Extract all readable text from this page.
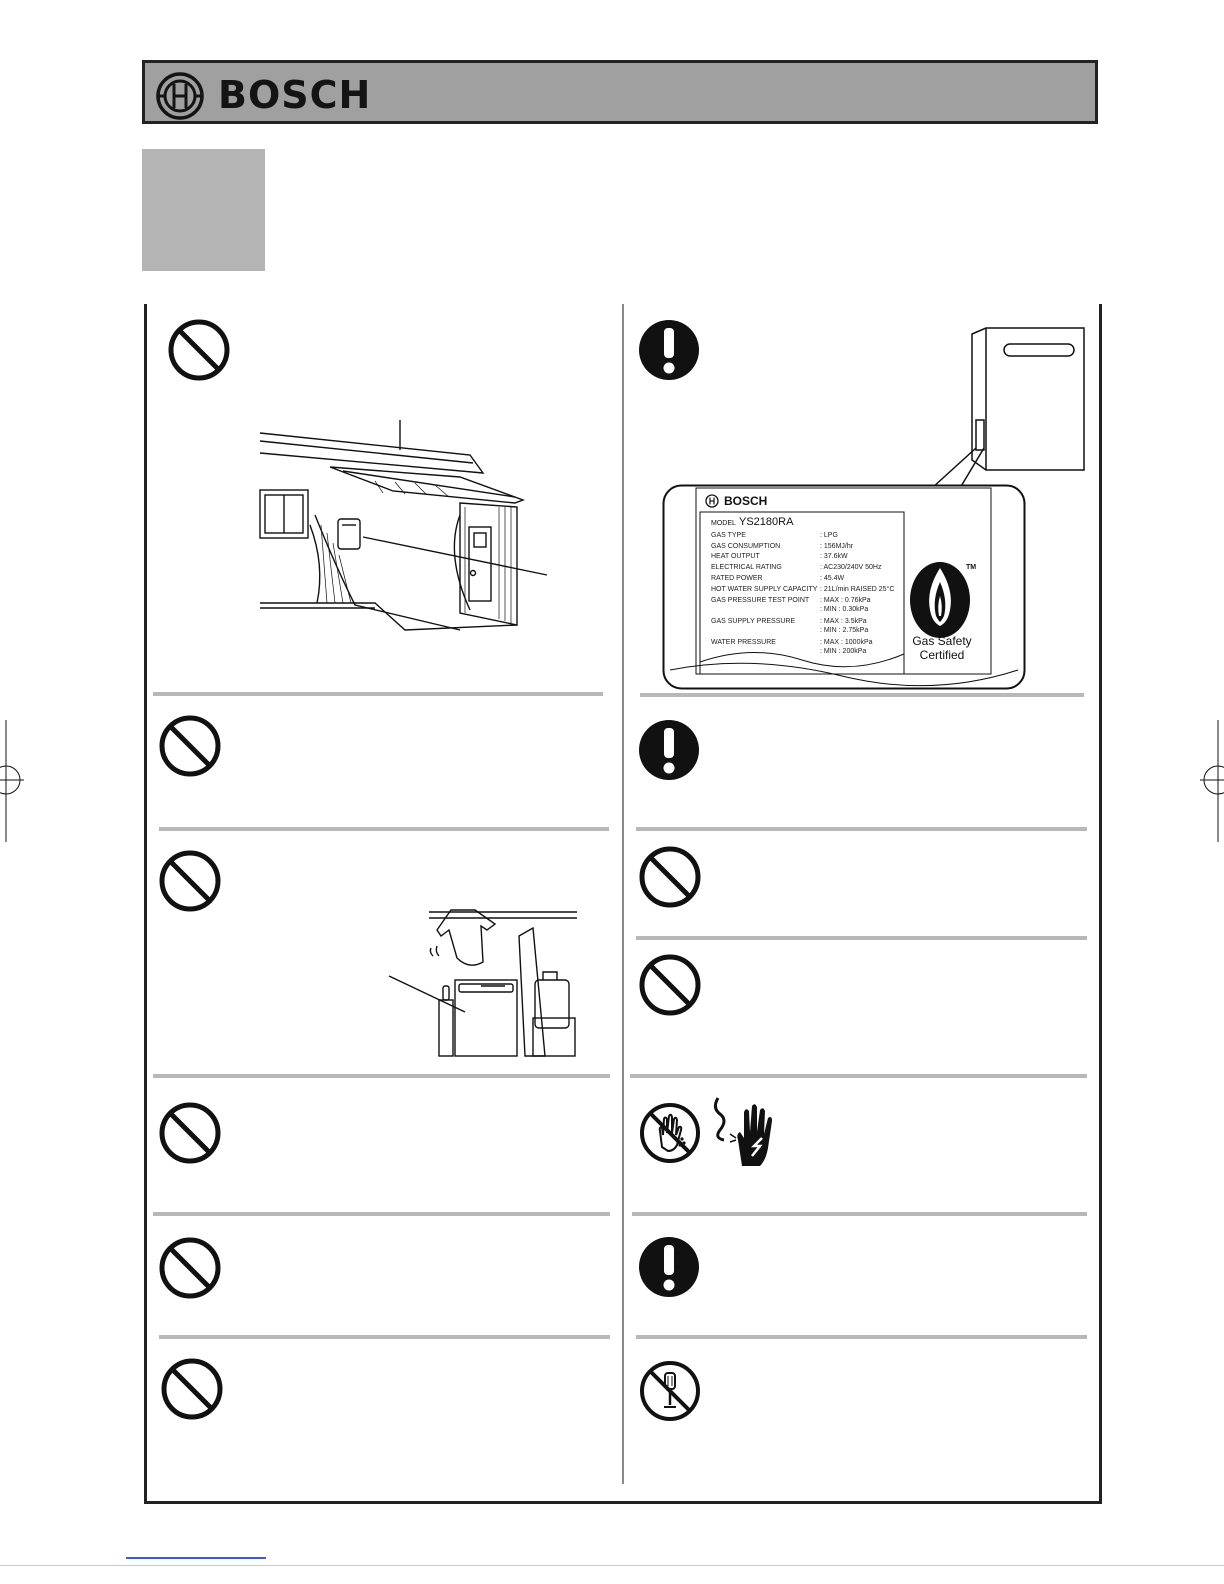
BOSCH
BOSCH
MODEL YS2180RA
GAS TYPE	: LPG
GAS CONSUMPTION	: 156MJ/hr
HEAT OUTPUT	: 37.6kW
ELECTRICAL RATING	: AC230/240V 50Hz
RATED POWER	: 45.4W
HOT WATER SUPPLY CAPACITY : 21L/min RAISED 25°C
GAS PRESSURE TEST POINT : MAX : 0.76kPa
: MIN : 0.30kPa
GAS SUPPLY PRESSURE	: MAX : 3.5kPa
: MIN : 2.75kPa
WATER PRESSURE	: MAX : 1000kPa
: MIN : 200kPa
TM
Gas Safety
Certified
